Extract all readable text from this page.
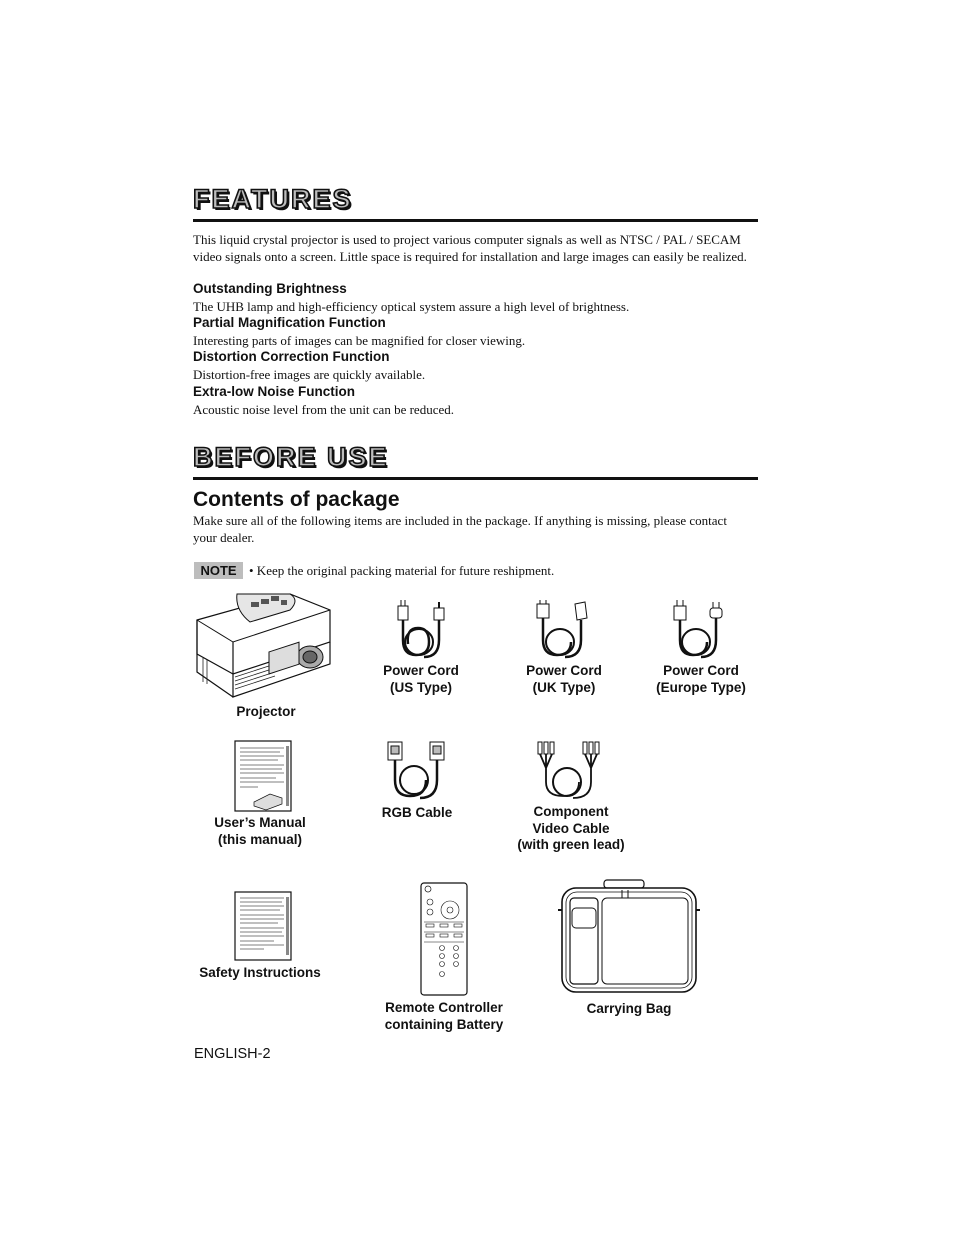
FEATURES
This liquid crystal projector is used to project various computer signals as well as NTSC / PAL / SECAM video signals onto a screen. Little space is required for installation and large images can easily be realized.
Outstanding Brightness
The UHB lamp and high-efficiency optical system assure a high level of brightness.
Partial Magnification Function
Interesting parts of images can be magnified for closer viewing.
Distortion Correction Function
Distortion-free images are quickly available.
Extra-low Noise Function
Acoustic noise level from the unit can be reduced.
BEFORE USE
Contents of package
Make sure all of the following items are included in the package. If anything is missing, please contact your dealer.
NOTE • Keep the original packing material for future reshipment.
Projector
Power Cord
(US Type)
Power Cord
(UK Type)
Power Cord
(Europe Type)
User’s Manual
(this manual)
RGB Cable	Component
Video Cable
(with green lead)
Safety Instructions
Remote Controller
containing Battery
Carrying Bag
ENGLISH-2
